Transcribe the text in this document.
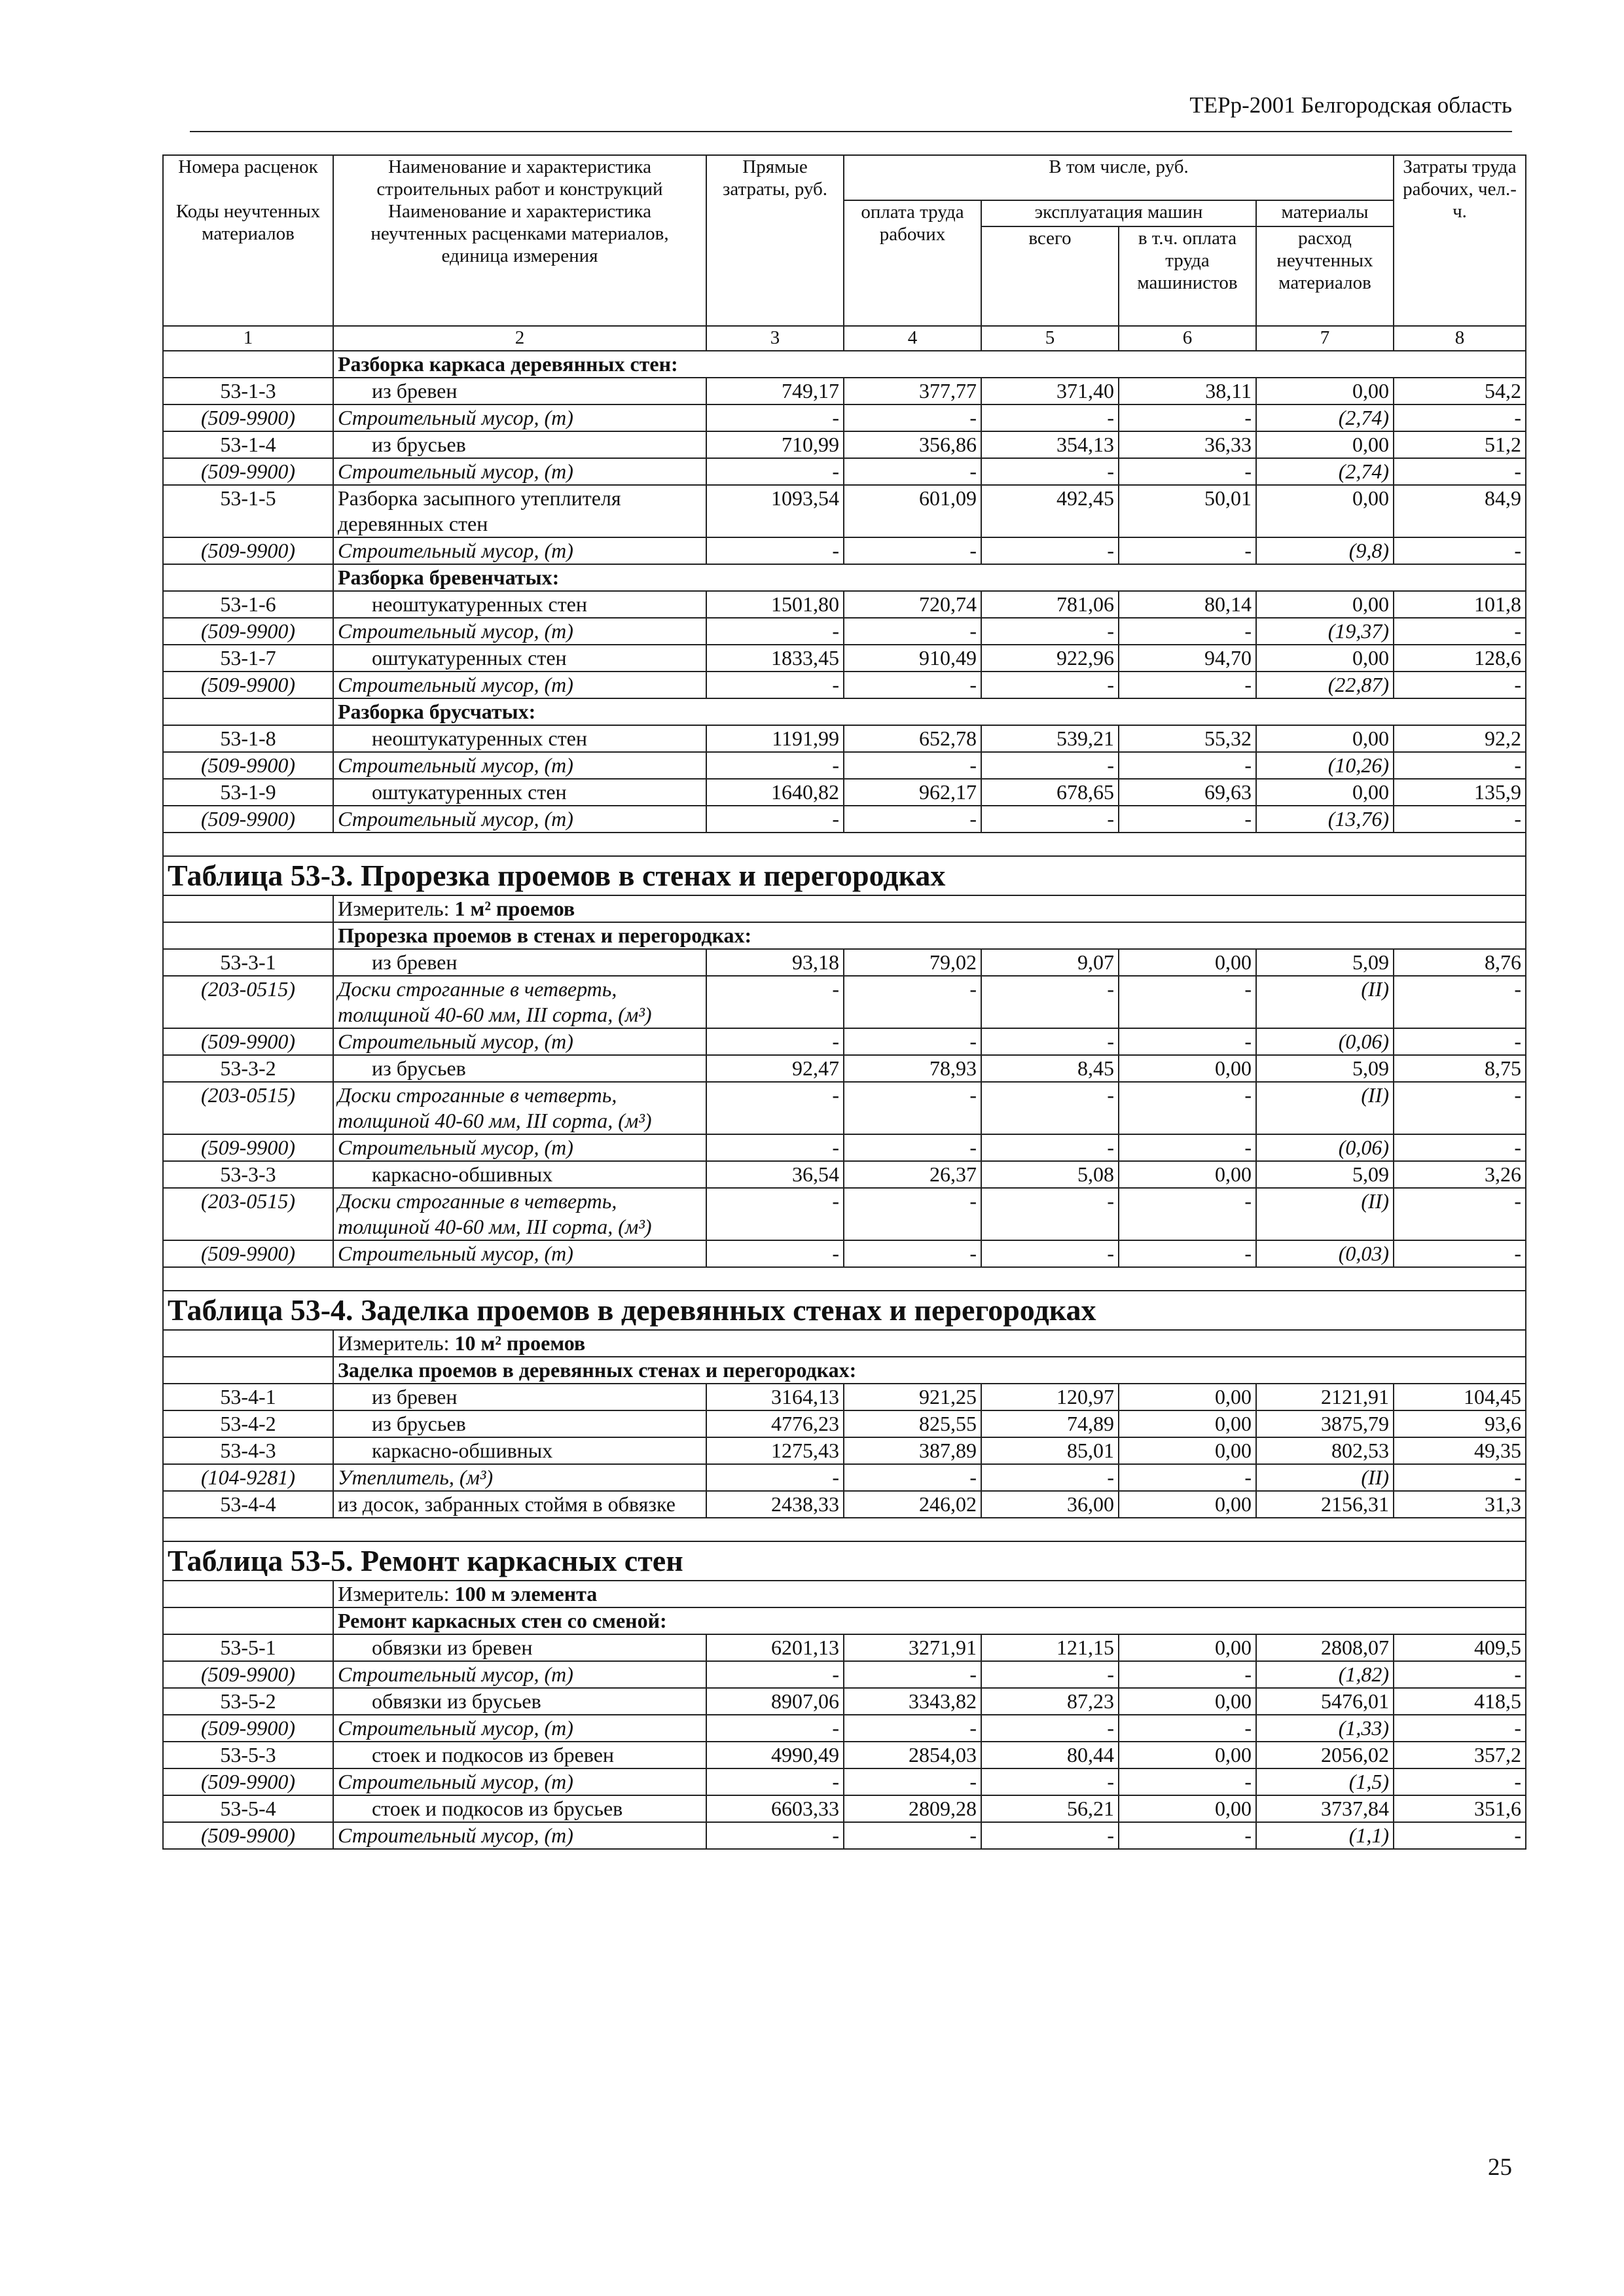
ТЕРр-2001 Белгородская область
Номера расценок	Наименование и характеристика строительных работ и конструкций	Прямые затраты, руб.	В том числе, руб.				Затраты труда рабочих, чел.-ч.
Коды неучтенных материалов	Наименование и характеристика неучтенных расценками материалов, единица измерения		оплата труда рабочих	эксплуатация машин		материалы	
				всего	в т.ч. оплата труда машинистов	расход неучтенных материалов	
1	2	3	4	5	6	7	8
	Разборка каркаса деревянных стен:						
53-1-3	из бревен	749,17	377,77	371,40	38,11	0,00	54,2
(509-9900)	Строительный мусор, (т)	-	-	-	-	(2,74)	-
53-1-4	из брусьев	710,99	356,86	354,13	36,33	0,00	51,2
(509-9900)	Строительный мусор, (т)	-	-	-	-	(2,74)	-
53-1-5	Разборка засыпного утеплителя деревянных стен	1093,54	601,09	492,45	50,01	0,00	84,9
(509-9900)	Строительный мусор, (т)	-	-	-	-	(9,8)	-
	Разборка бревенчатых:						
53-1-6	неоштукатуренных стен	1501,80	720,74	781,06	80,14	0,00	101,8
(509-9900)	Строительный мусор, (т)	-	-	-	-	(19,37)	-
53-1-7	оштукатуренных стен	1833,45	910,49	922,96	94,70	0,00	128,6
(509-9900)	Строительный мусор, (т)	-	-	-	-	(22,87)	-
	Разборка брусчатых:						
53-1-8	неоштукатуренных стен	1191,99	652,78	539,21	55,32	0,00	92,2
(509-9900)	Строительный мусор, (т)	-	-	-	-	(10,26)	-
53-1-9	оштукатуренных стен	1640,82	962,17	678,65	69,63	0,00	135,9
(509-9900)	Строительный мусор, (т)	-	-	-	-	(13,76)	-

Таблица 53-3. Прорезка проемов в стенах и перегородках							
	Измеритель: 1 м² проемов						
	Прорезка проемов в стенах и перегородках:						
53-3-1	из бревен	93,18	79,02	9,07	0,00	5,09	8,76
(203-0515)	Доски строганные в четверть, толщиной 40-60 мм, III сорта, (м³)	-	-	-	-	(II)	-
(509-9900)	Строительный мусор, (т)	-	-	-	-	(0,06)	-
53-3-2	из брусьев	92,47	78,93	8,45	0,00	5,09	8,75
(203-0515)	Доски строганные в четверть, толщиной 40-60 мм, III сорта, (м³)	-	-	-	-	(II)	-
(509-9900)	Строительный мусор, (т)	-	-	-	-	(0,06)	-
53-3-3	каркасно-обшивных	36,54	26,37	5,08	0,00	5,09	3,26
(203-0515)	Доски строганные в четверть, толщиной 40-60 мм, III сорта, (м³)	-	-	-	-	(II)	-
(509-9900)	Строительный мусор, (т)	-	-	-	-	(0,03)	-

Таблица 53-4. Заделка проемов в деревянных стенах и перегородках							
	Измеритель: 10 м² проемов						
	Заделка проемов в деревянных стенах и перегородках:						
53-4-1	из бревен	3164,13	921,25	120,97	0,00	2121,91	104,45
53-4-2	из брусьев	4776,23	825,55	74,89	0,00	3875,79	93,6
53-4-3	каркасно-обшивных	1275,43	387,89	85,01	0,00	802,53	49,35
(104-9281)	Утеплитель, (м³)	-	-	-	-	(II)	-
53-4-4	из досок, забранных стоймя в обвязке	2438,33	246,02	36,00	0,00	2156,31	31,3

Таблица 53-5. Ремонт каркасных стен							
	Измеритель: 100 м элемента						
	Ремонт каркасных стен со сменой:						
53-5-1	обвязки из бревен	6201,13	3271,91	121,15	0,00	2808,07	409,5
(509-9900)	Строительный мусор, (т)	-	-	-	-	(1,82)	-
53-5-2	обвязки из брусьев	8907,06	3343,82	87,23	0,00	5476,01	418,5
(509-9900)	Строительный мусор, (т)	-	-	-	-	(1,33)	-
53-5-3	стоек и подкосов из бревен	4990,49	2854,03	80,44	0,00	2056,02	357,2
(509-9900)	Строительный мусор, (т)	-	-	-	-	(1,5)	-
53-5-4	стоек и подкосов из брусьев	6603,33	2809,28	56,21	0,00	3737,84	351,6
(509-9900)	Строительный мусор, (т)	-	-	-	-	(1,1)	-
25
